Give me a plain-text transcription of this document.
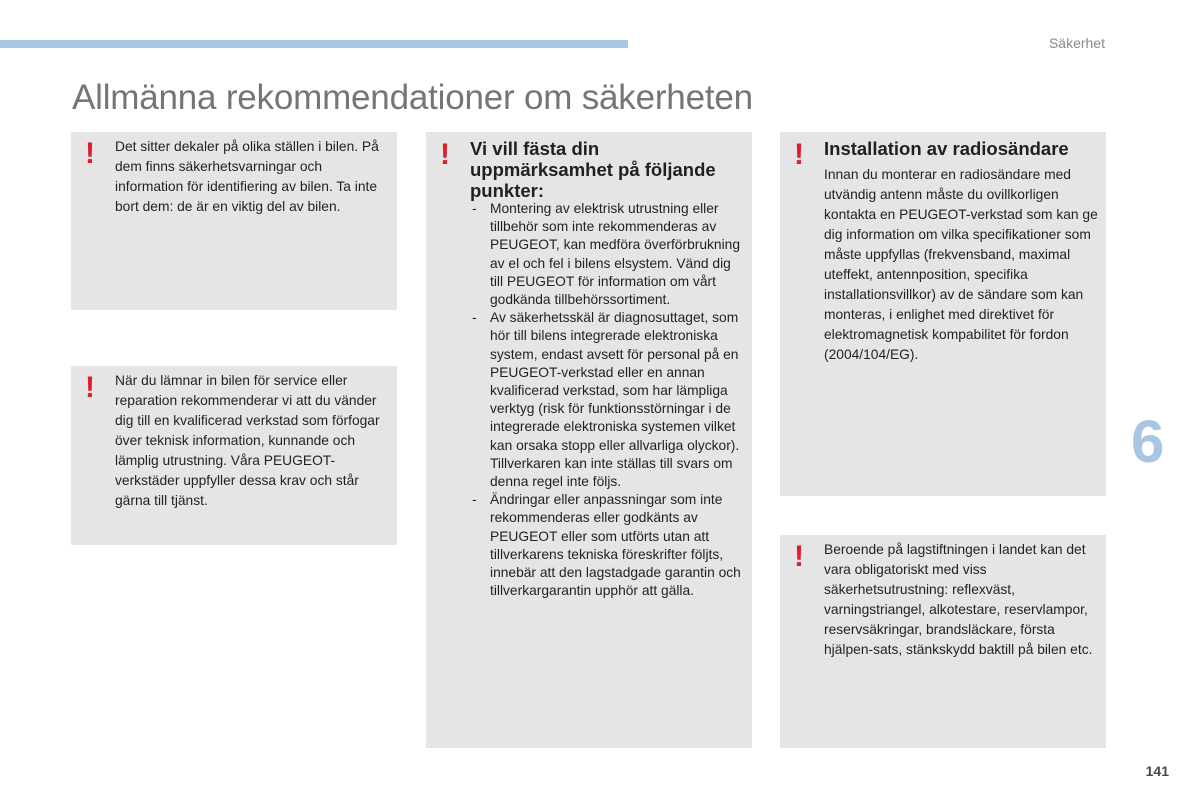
Säkerhet
Allmänna rekommendationer om säkerheten
! Det sitter dekaler på olika ställen i bilen. På dem finns säkerhetsvarningar och information för identifiering av bilen. Ta inte bort dem: de är en viktig del av bilen.
! När du lämnar in bilen för service eller reparation rekommenderar vi att du vänder dig till en kvalificerad verkstad som förfogar över teknisk information, kunnande och lämplig utrustning. Våra PEUGEOT-verkstäder uppfyller dessa krav och står gärna till tjänst.
! Vi vill fästa din uppmärksamhet på följande punkter:
- Montering av elektrisk utrustning eller tillbehör som inte rekommenderas av PEUGEOT, kan medföra överförbrukning av el och fel i bilens elsystem. Vänd dig till PEUGEOT för information om vårt godkända tillbehörssortiment.
- Av säkerhetsskäl är diagnosuttaget, som hör till bilens integrerade elektroniska system, endast avsett för personal på en PEUGEOT-verkstad eller en annan kvalificerad verkstad, som har lämpliga verktyg (risk för funktionsstörningar i de integrerade elektroniska systemen vilket kan orsaka stopp eller allvarliga olyckor). Tillverkaren kan inte ställas till svars om denna regel inte följs.
- Ändringar eller anpassningar som inte rekommenderas eller godkänts av PEUGEOT eller som utförts utan att tillverkarens tekniska föreskrifter följts, innebär att den lagstadgade garantin och tillverkargarantin upphör att gälla.
! Installation av radiosändare
Innan du monterar en radiosändare med utvändig antenn måste du ovillkorligen kontakta en PEUGEOT-verkstad som kan ge dig information om vilka specifikationer som måste uppfyllas (frekvensband, maximal uteffekt, antennposition, specifika installationsvillkor) av de sändare som kan monteras, i enlighet med direktivet för elektromagnetisk kompabilitet för fordon (2004/104/EG).
! Beroende på lagstiftningen i landet kan det vara obligatoriskt med viss säkerhetsutrustning: reflexväst, varningstriangel, alkotestare, reservlampor, reservsäkringar, brandsläckare, första hjälpen-sats, stänkskydd baktill på bilen etc.
6
141
